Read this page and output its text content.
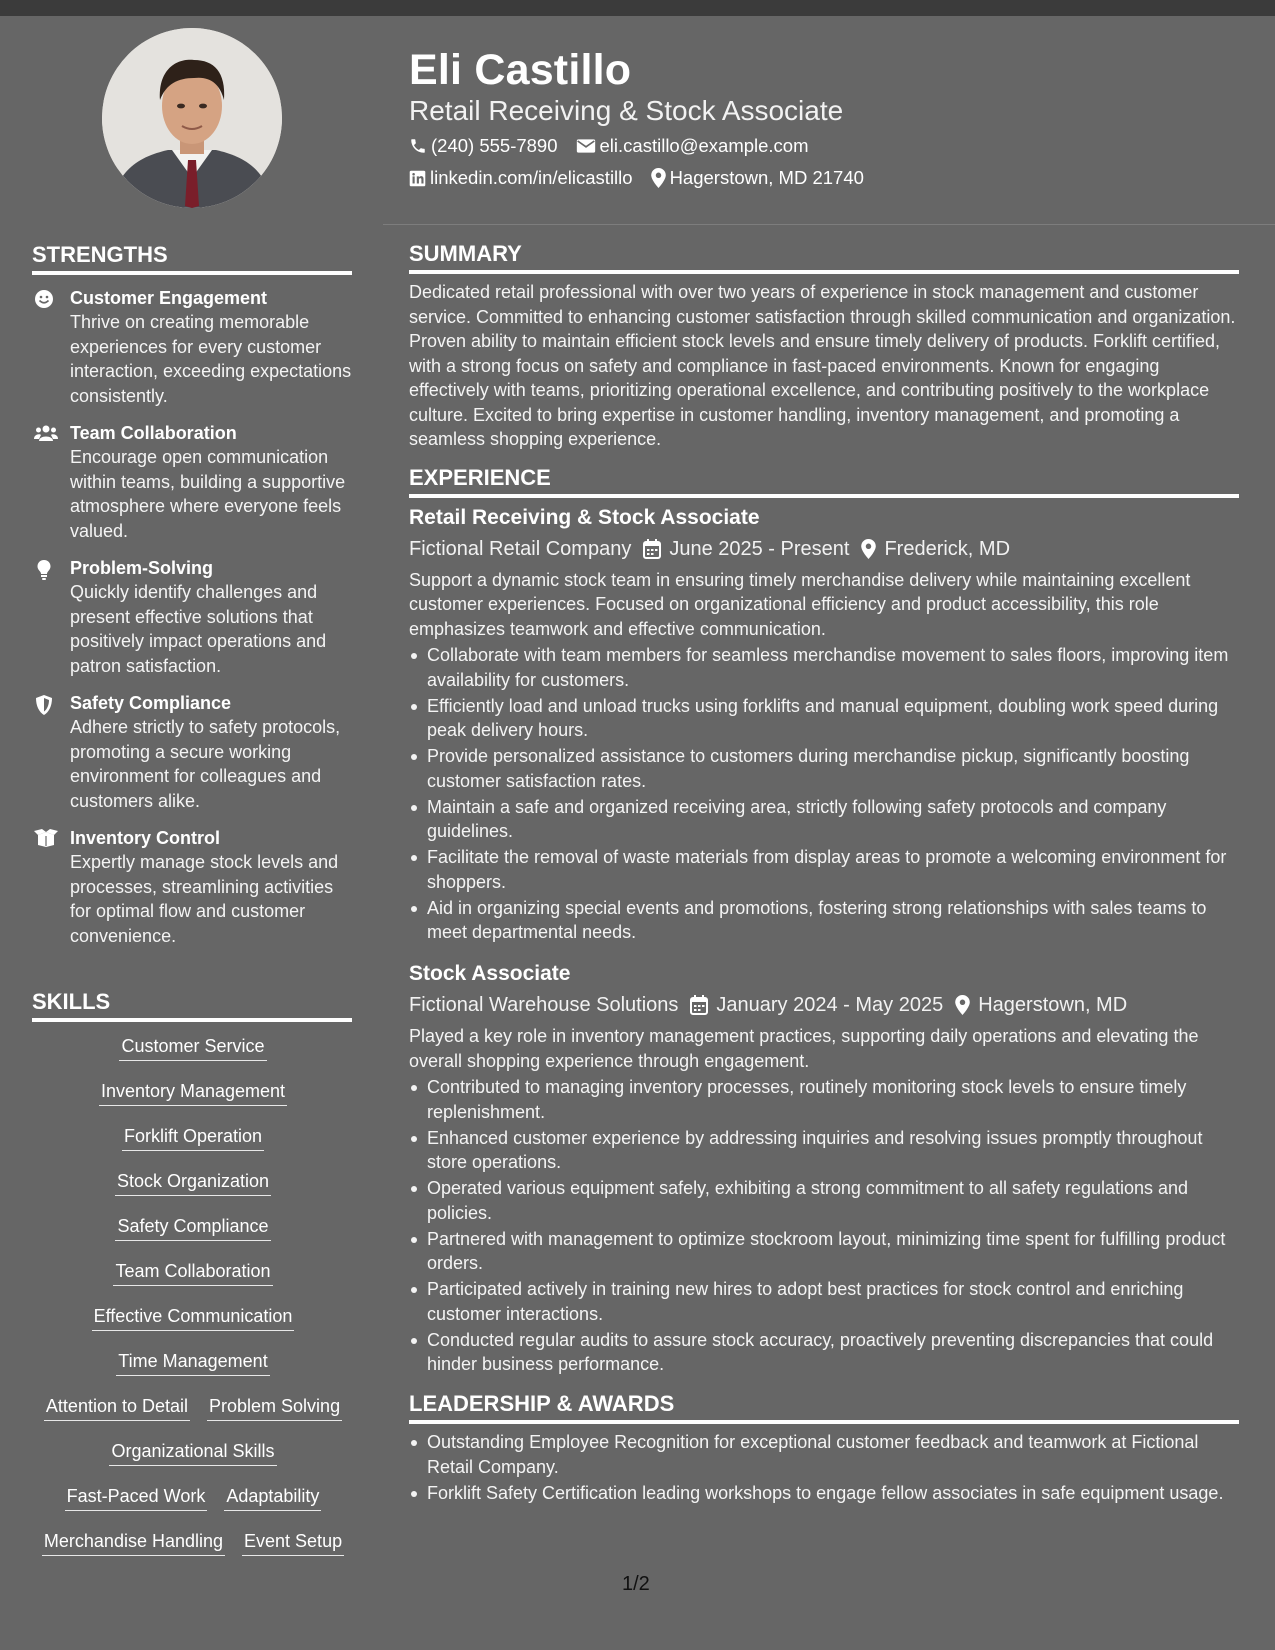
Eli Castillo
Retail Receiving & Stock Associate
(240) 555-7890 eli.castillo@example.com
linkedin.com/in/elicastillo Hagerstown, MD 21740
STRENGTHS
Customer Engagement
Thrive on creating memorable experiences for every customer interaction, exceeding expectations consistently.
Team Collaboration
Encourage open communication within teams, building a supportive atmosphere where everyone feels valued.
Problem-Solving
Quickly identify challenges and present effective solutions that positively impact operations and patron satisfaction.
Safety Compliance
Adhere strictly to safety protocols, promoting a secure working environment for colleagues and customers alike.
Inventory Control
Expertly manage stock levels and processes, streamlining activities for optimal flow and customer convenience.
SKILLS
Customer Service
Inventory Management
Forklift Operation
Stock Organization
Safety Compliance
Team Collaboration
Effective Communication
Time Management
Attention to Detail Problem Solving
Organizational Skills
Fast-Paced Work Adaptability
Merchandise Handling Event Setup
SUMMARY
Dedicated retail professional with over two years of experience in stock management and customer service. Committed to enhancing customer satisfaction through skilled communication and organization. Proven ability to maintain efficient stock levels and ensure timely delivery of products. Forklift certified, with a strong focus on safety and compliance in fast-paced environments. Known for engaging effectively with teams, prioritizing operational excellence, and contributing positively to the workplace culture. Excited to bring expertise in customer handling, inventory management, and promoting a seamless shopping experience.
EXPERIENCE
Retail Receiving & Stock Associate
Fictional Retail Company June 2025 - Present Frederick, MD
Support a dynamic stock team in ensuring timely merchandise delivery while maintaining excellent customer experiences. Focused on organizational efficiency and product accessibility, this role emphasizes teamwork and effective communication.
Collaborate with team members for seamless merchandise movement to sales floors, improving item availability for customers.
Efficiently load and unload trucks using forklifts and manual equipment, doubling work speed during peak delivery hours.
Provide personalized assistance to customers during merchandise pickup, significantly boosting customer satisfaction rates.
Maintain a safe and organized receiving area, strictly following safety protocols and company guidelines.
Facilitate the removal of waste materials from display areas to promote a welcoming environment for shoppers.
Aid in organizing special events and promotions, fostering strong relationships with sales teams to meet departmental needs.
Stock Associate
Fictional Warehouse Solutions January 2024 - May 2025 Hagerstown, MD
Played a key role in inventory management practices, supporting daily operations and elevating the overall shopping experience through engagement.
Contributed to managing inventory processes, routinely monitoring stock levels to ensure timely replenishment.
Enhanced customer experience by addressing inquiries and resolving issues promptly throughout store operations.
Operated various equipment safely, exhibiting a strong commitment to all safety regulations and policies.
Partnered with management to optimize stockroom layout, minimizing time spent for fulfilling product orders.
Participated actively in training new hires to adopt best practices for stock control and enriching customer interactions.
Conducted regular audits to assure stock accuracy, proactively preventing discrepancies that could hinder business performance.
LEADERSHIP & AWARDS
Outstanding Employee Recognition for exceptional customer feedback and teamwork at Fictional Retail Company.
Forklift Safety Certification leading workshops to engage fellow associates in safe equipment usage.
1/2
